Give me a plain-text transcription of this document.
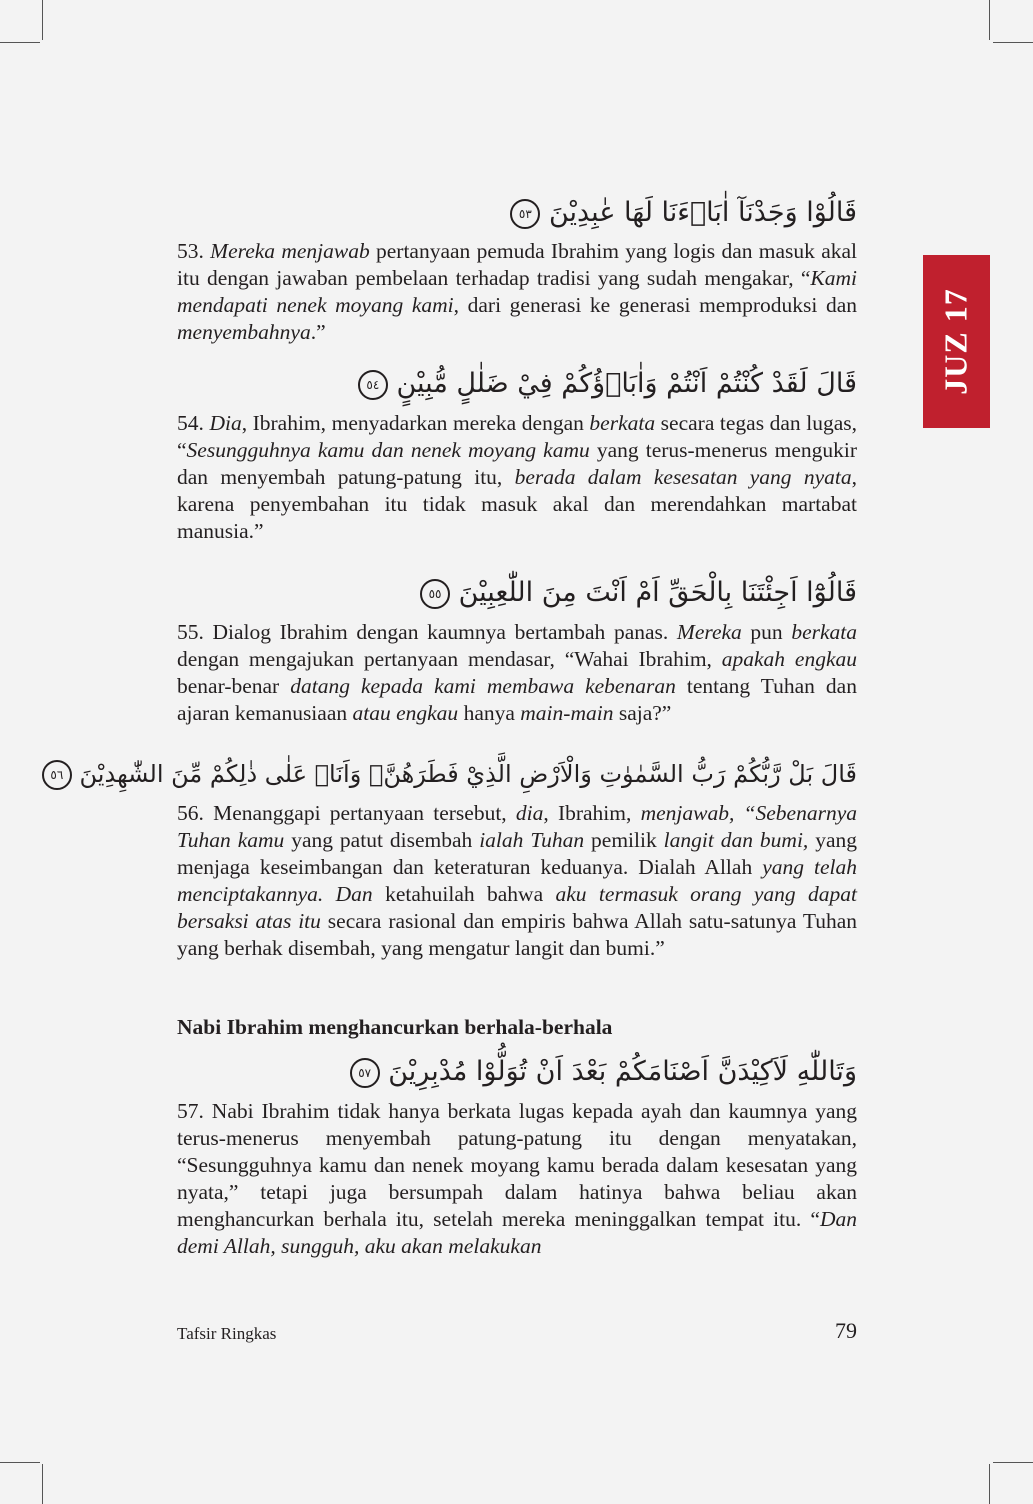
JUZ 17
قَالُوْا وَجَدْنَآ اٰبَاۤءَنَا لَهَا عٰبِدِيْنَ ٥٣

53. Mereka menjawab pertanyaan pemuda Ibrahim yang logis dan masuk akal itu dengan jawaban pembelaan terhadap tradisi yang sudah mengakar, “Kami mendapati nenek moyang kami, dari generasi ke generasi memproduksi dan menyembahnya.”

قَالَ لَقَدْ كُنْتُمْ اَنْتُمْ وَاٰبَاۤؤُكُمْ فِيْ ضَلٰلٍ مُّبِيْنٍ ٥٤

54. Dia, Ibrahim, menyadarkan mereka dengan berkata secara tegas dan lugas, “Sesungguhnya kamu dan nenek moyang kamu yang terus-menerus mengukir dan menyembah patung-patung itu, berada dalam kesesatan yang nyata, karena penyembahan itu tidak masuk akal dan merendahkan martabat manusia.”

قَالُوْٓا اَجِئْتَنَا بِالْحَقِّ اَمْ اَنْتَ مِنَ اللّٰعِبِيْنَ ٥٥

55. Dialog Ibrahim dengan kaumnya bertambah panas. Mereka pun berkata dengan mengajukan pertanyaan mendasar, “Wahai Ibrahim, apakah engkau benar-benar datang kepada kami membawa kebenaran tentang Tuhan dan ajaran kemanusiaan atau engkau hanya main-main saja?”

قَالَ بَلْ رَّبُّكُمْ رَبُّ السَّمٰوٰتِ وَالْاَرْضِ الَّذِيْ فَطَرَهُنَّۖ وَاَنَا۠ عَلٰى ذٰلِكُمْ مِّنَ الشّٰهِدِيْنَ ٥٦

56. Menanggapi pertanyaan tersebut, dia, Ibrahim, menjawab, “Sebenarnya Tuhan kamu yang patut disembah ialah Tuhan pemilik langit dan bumi, yang menjaga keseimbangan dan keteraturan keduanya. Dialah Allah yang telah menciptakannya. Dan ketahuilah bahwa aku termasuk orang yang dapat bersaksi atas itu secara rasional dan empiris bahwa Allah satu-satunya Tuhan yang berhak disembah, yang mengatur langit dan bumi.”

Nabi Ibrahim menghancurkan berhala-berhala

وَتَاللّٰهِ لَاَكِيْدَنَّ اَصْنَامَكُمْ بَعْدَ اَنْ تُوَلُّوْا مُدْبِرِيْنَ ٥٧

57. Nabi Ibrahim tidak hanya berkata lugas kepada ayah dan kaumnya yang terus-menerus menyembah patung-patung itu dengan menyatakan, “Sesungguhnya kamu dan nenek moyang kamu berada dalam kesesatan yang nyata,” tetapi juga bersumpah dalam hatinya bahwa beliau akan menghancurkan berhala itu, setelah mereka meninggalkan tempat itu. “Dan demi Allah, sungguh, aku akan melakukan

Tafsir Ringkas	79
